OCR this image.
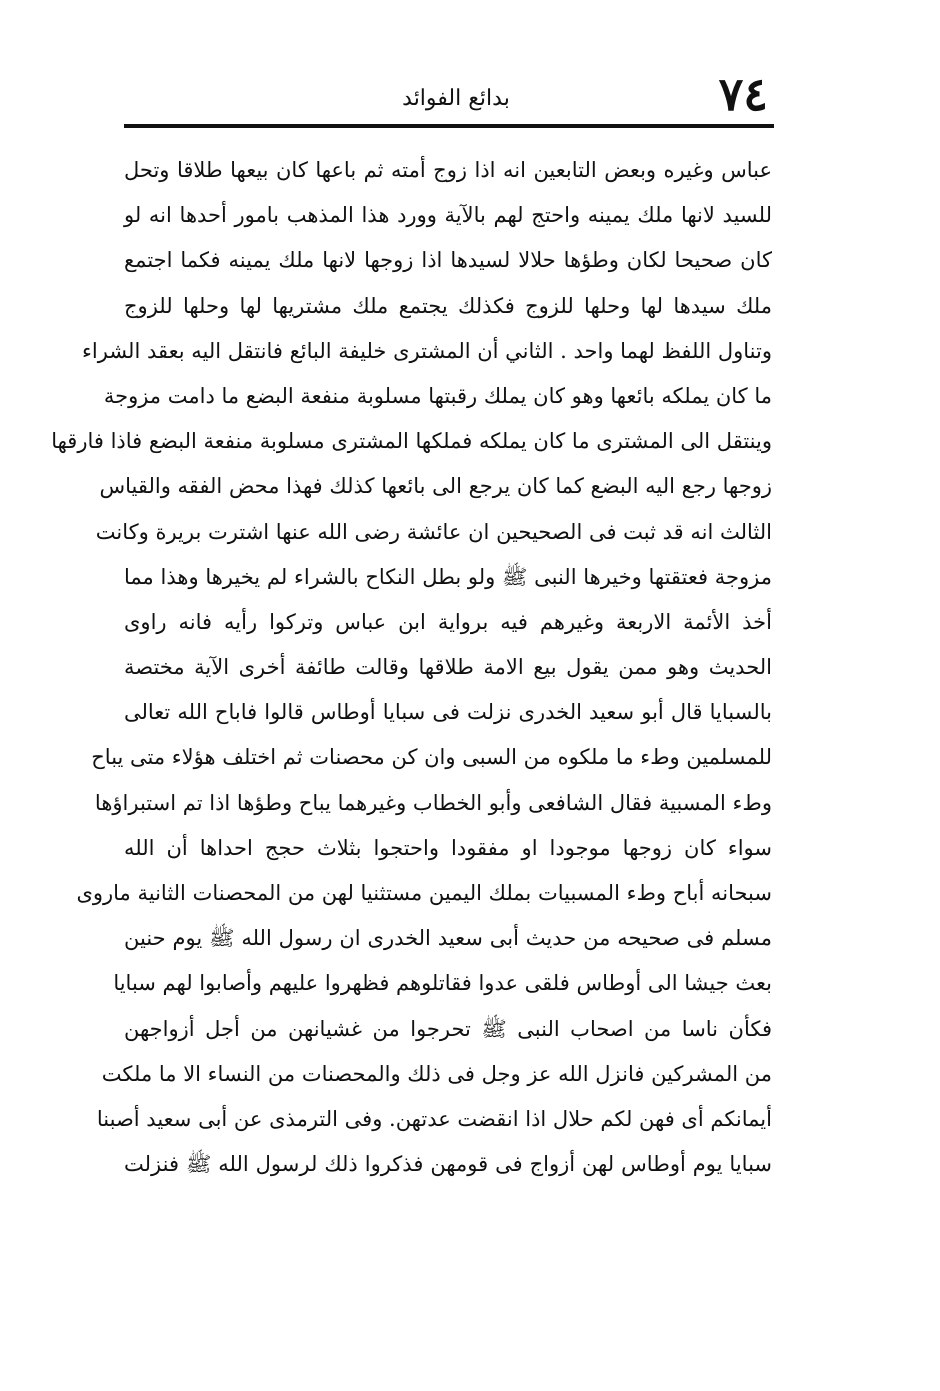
٧٤
بدائع الفوائد
عباس وغيره وبعض التابعين انه اذا زوج أمته ثم باعها كان بيعها طلاقا وتحل
للسيد لانها ملك يمينه واحتج لهم بالآية وورد هذا المذهب بامور أحدها انه لو
كان صحيحا لكان وطؤها حلالا لسيدها اذا زوجها لانها ملك يمينه فكما اجتمع
ملك سيدها لها وحلها للزوج فكذلك يجتمع ملك مشتريها لها وحلها للزوج
وتناول اللفظ لهما واحد . الثاني أن المشترى خليفة البائع فانتقل اليه بعقد الشراء
ما كان يملكه بائعها وهو كان يملك رقبتها مسلوبة منفعة البضع ما دامت مزوجة
وينتقل الى المشترى ما كان يملكه فملكها المشترى مسلوبة منفعة البضع فاذا فارقها
زوجها رجع اليه البضع كما كان يرجع الى بائعها كذلك فهذا محض الفقه والقياس
الثالث انه قد ثبت فى الصحيحين ان عائشة رضى الله عنها اشترت بريرة وكانت
مزوجة فعتقتها وخيرها النبى ﷺ ولو بطل النكاح بالشراء لم يخيرها وهذا مما
أخذ الأئمة الاربعة وغيرهم فيه برواية ابن عباس وتركوا رأيه فانه راوى
الحديث وهو ممن يقول بيع الامة طلاقها وقالت طائفة أخرى الآية مختصة
بالسبايا قال أبو سعيد الخدرى نزلت فى سبايا أوطاس قالوا فاباح الله تعالى
للمسلمين وطء ما ملكوه من السبى وان كن محصنات ثم اختلف هؤلاء متى يباح
وطء المسبية فقال الشافعى وأبو الخطاب وغيرهما يباح وطؤها اذا تم استبراؤها
سواء كان زوجها موجودا او مفقودا واحتجوا بثلاث حجج احداها أن الله
سبحانه أباح وطء المسبيات بملك اليمين مستثنيا لهن من المحصنات الثانية ماروى
مسلم فى صحيحه من حديث أبى سعيد الخدرى ان رسول الله ﷺ يوم حنين
بعث جيشا الى أوطاس فلقى عدوا فقاتلوهم فظهروا عليهم وأصابوا لهم سبايا
فكأن ناسا من اصحاب النبى ﷺ تحرجوا من غشيانهن من أجل أزواجهن
من المشركين فانزل الله عز وجل فى ذلك والمحصنات من النساء الا ما ملكت
أيمانكم أى فهن لكم حلال اذا انقضت عدتهن. وفى الترمذى عن أبى سعيد أصبنا
سبايا يوم أوطاس لهن أزواج فى قومهن فذكروا ذلك لرسول الله ﷺ فنزلت
